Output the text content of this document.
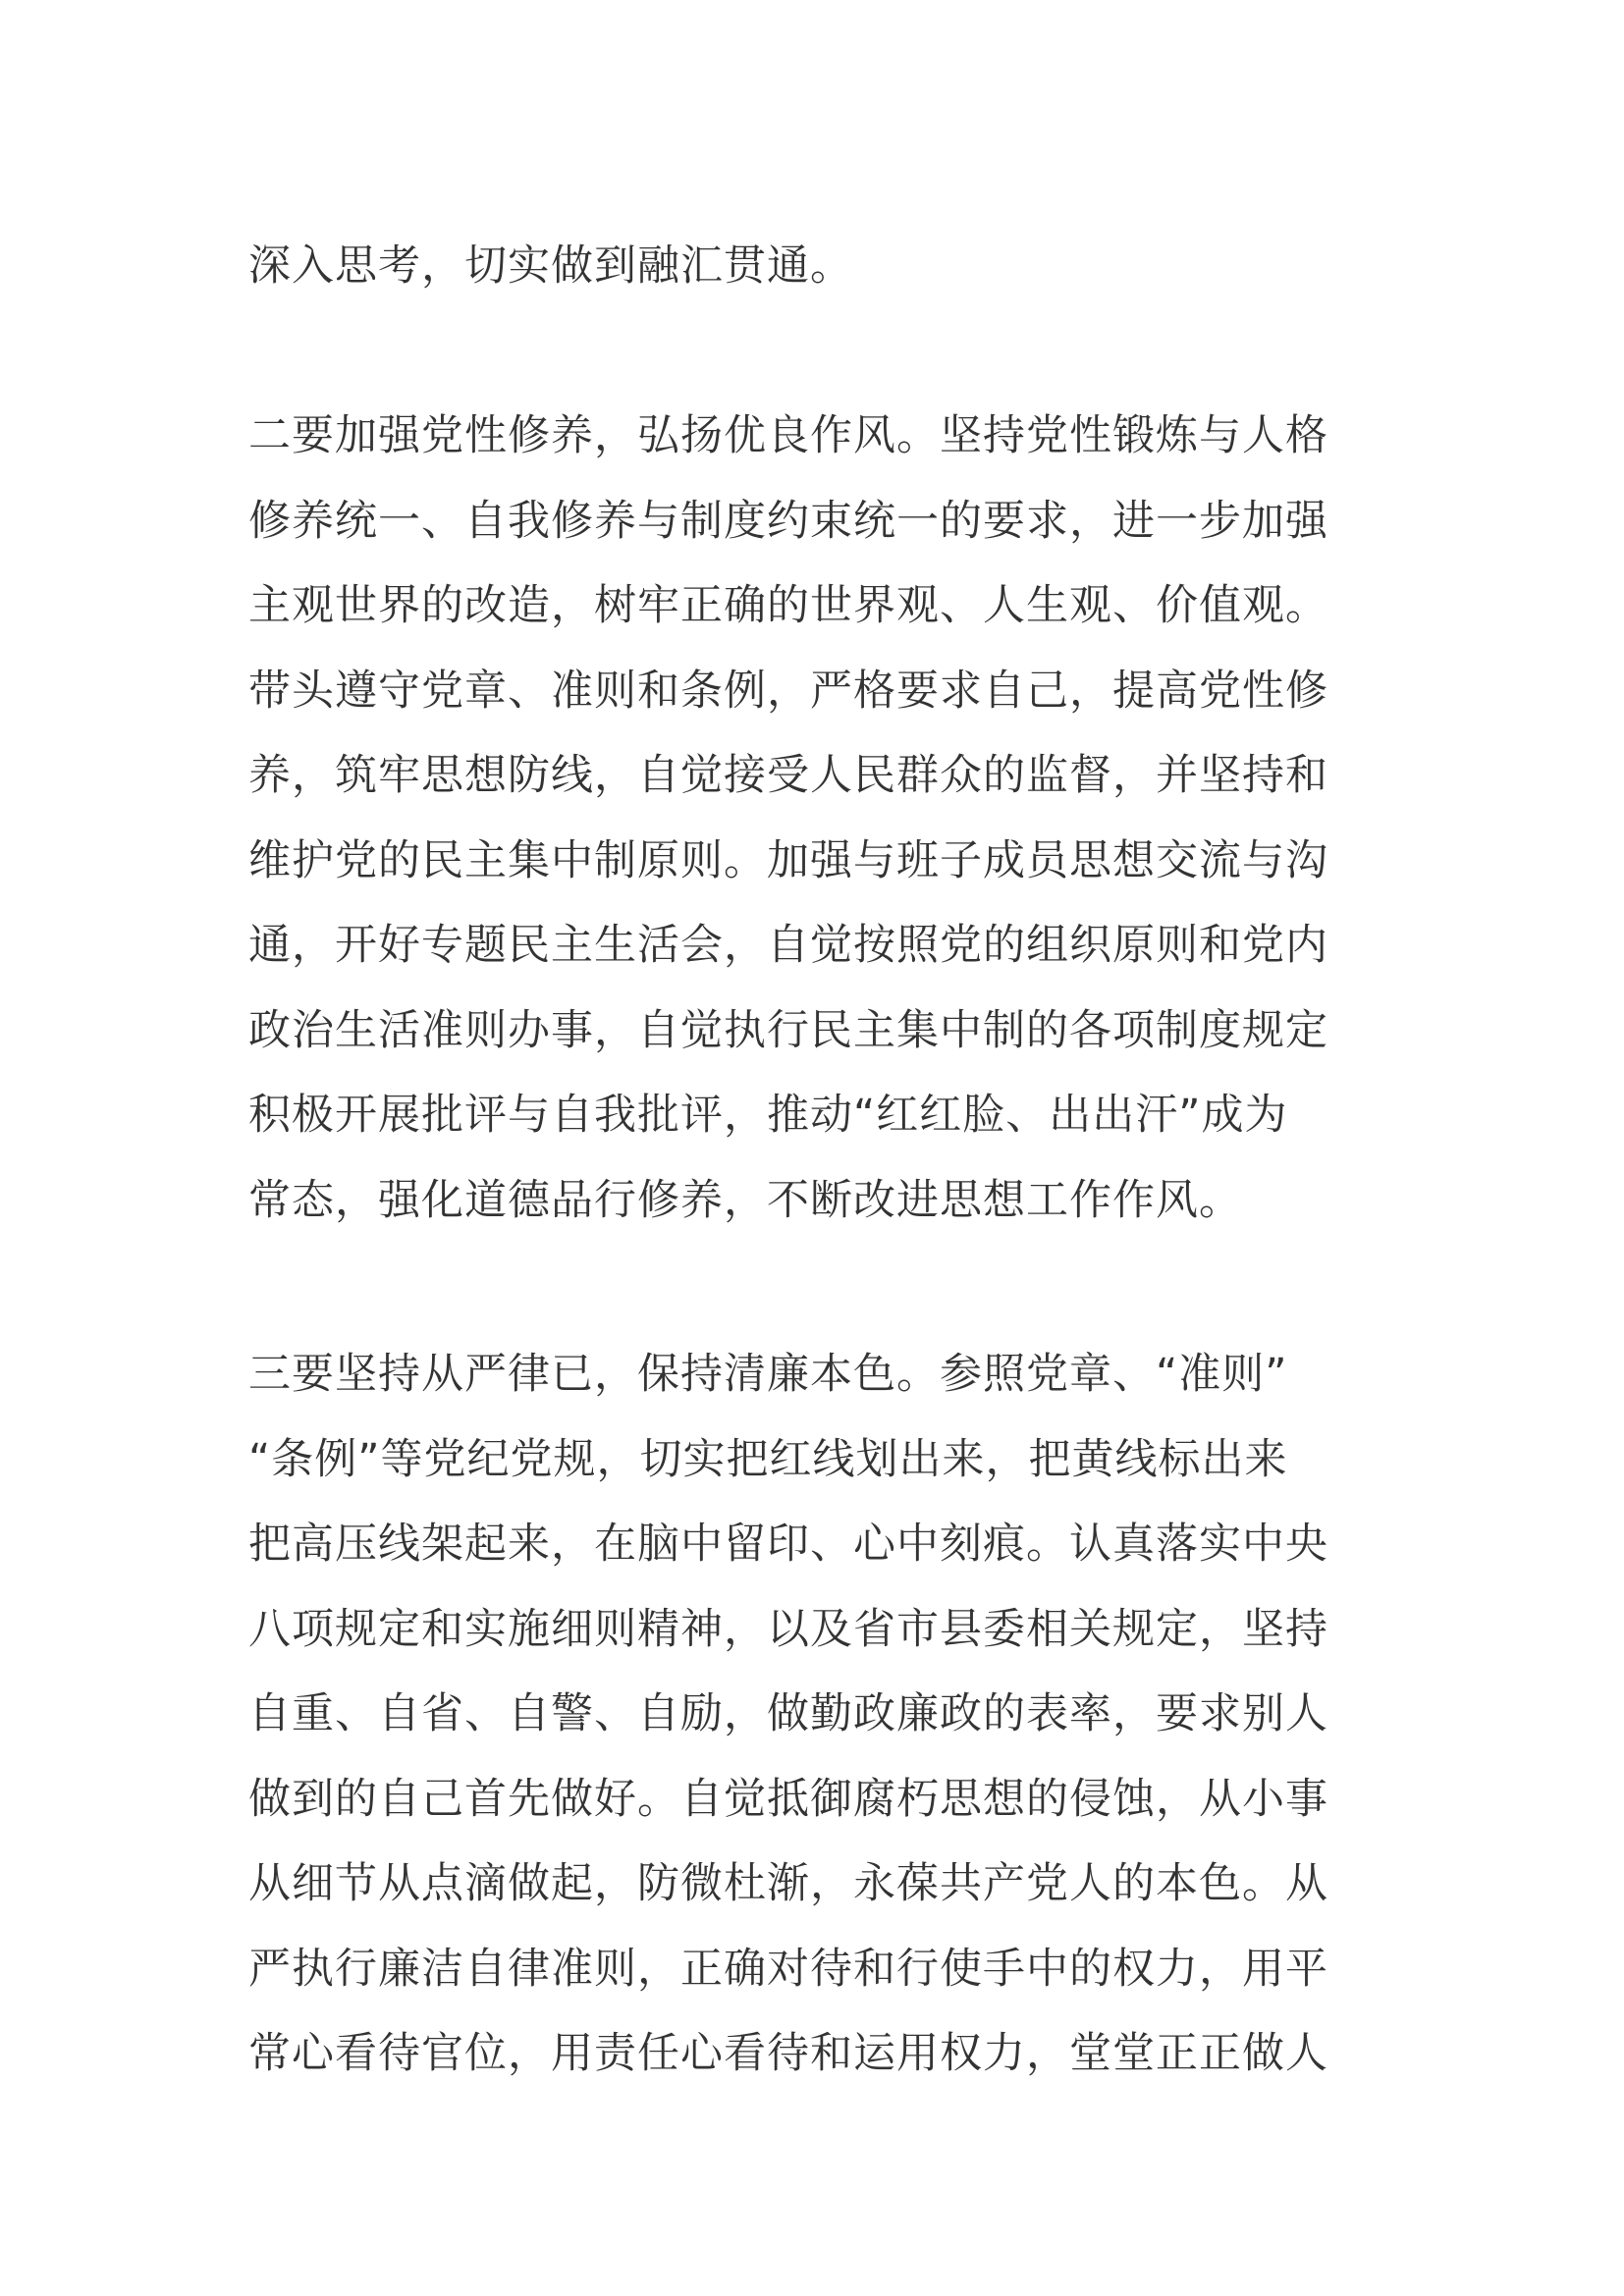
深入思考，切实做到融汇贯通。
二要加强党性修养，弘扬优良作风。坚持党性锻炼与人格
修养统一、自我修养与制度约束统一的要求，进一步加强
主观世界的改造，树牢正确的世界观、人生观、价值观。
带头遵守党章、准则和条例，严格要求自己，提高党性修
养，筑牢思想防线，自觉接受人民群众的监督，并坚持和
维护党的民主集中制原则。加强与班子成员思想交流与沟
通，开好专题民主生活会，自觉按照党的组织原则和党内
政治生活准则办事，自觉执行民主集中制的各项制度规定
积极开展批评与自我批评，推动“红红脸、出出汗”成为
常态，强化道德品行修养，不断改进思想工作作风。
三要坚持从严律已，保持清廉本色。参照党章、“准则”
“条例”等党纪党规，切实把红线划出来，把黄线标出来
把高压线架起来，在脑中留印、心中刻痕。认真落实中央
八项规定和实施细则精神，以及省市县委相关规定，坚持
自重、自省、自警、自励，做勤政廉政的表率，要求别人
做到的自己首先做好。自觉抵御腐朽思想的侵蚀，从小事
从细节从点滴做起，防微杜渐，永葆共产党人的本色。从
严执行廉洁自律准则，正确对待和行使手中的权力，用平
常心看待官位，用责任心看待和运用权力，堂堂正正做人
